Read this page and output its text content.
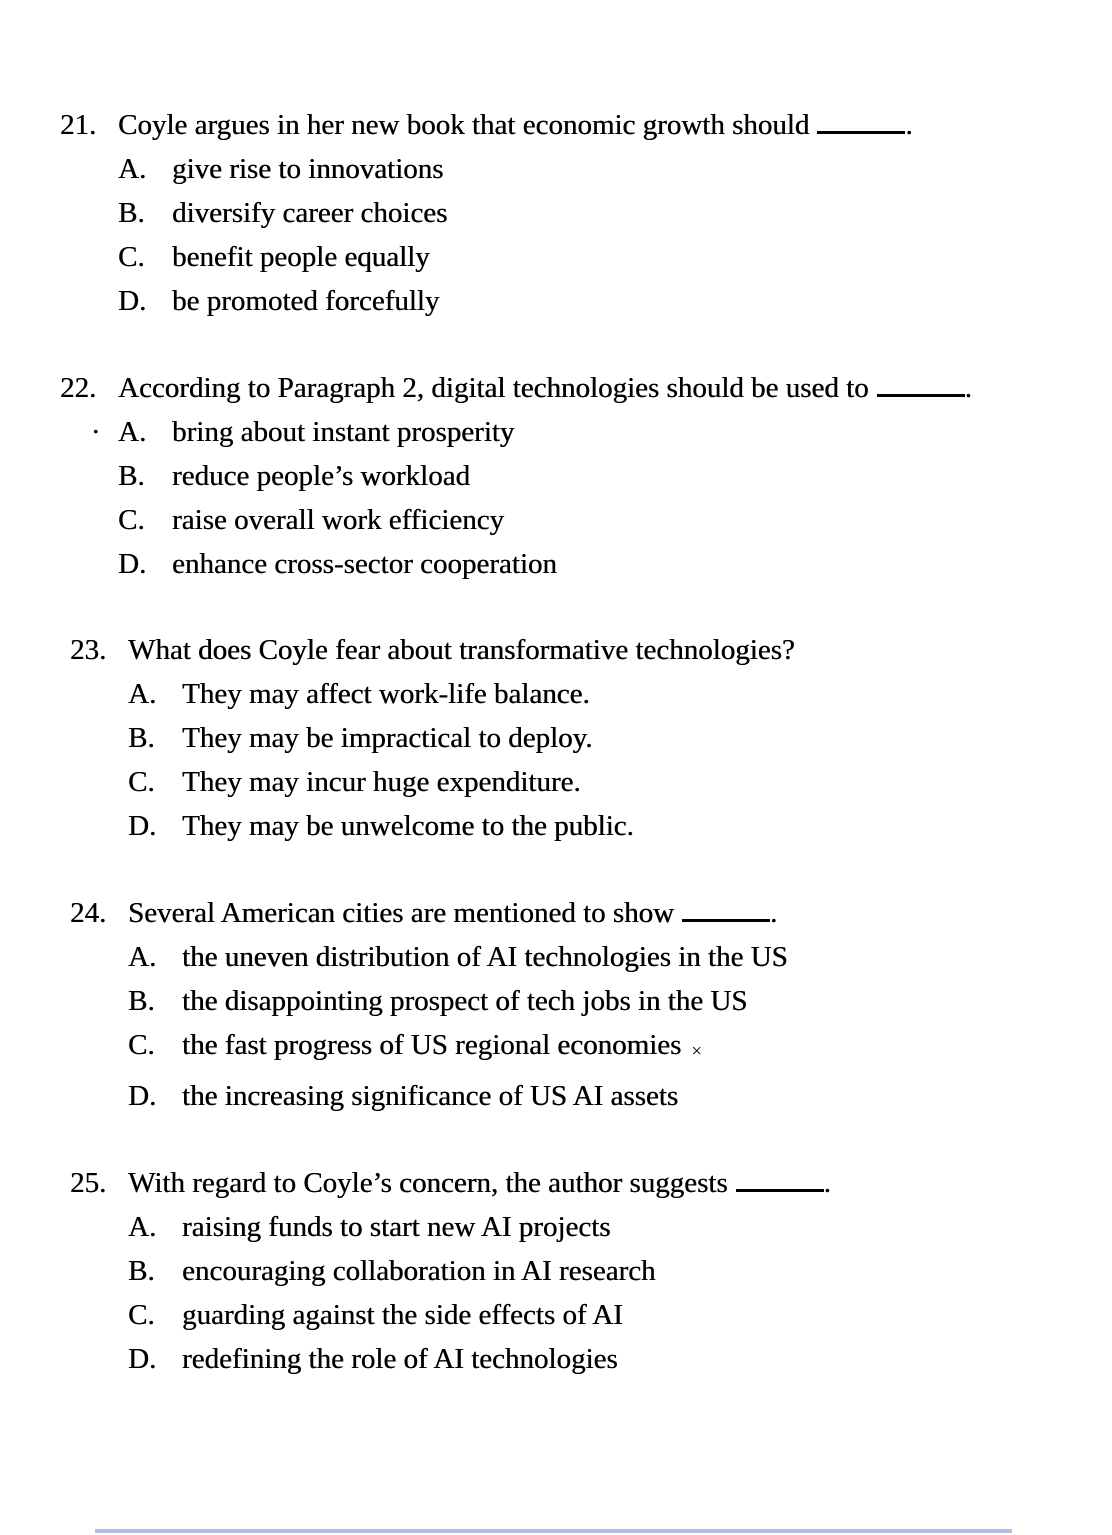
21. Coyle argues in her new book that economic growth should	.
A. give rise to innovations
B. diversify career choices
C. benefit people equally
D. be promoted forcefully
22. According to Paragraph 2, digital technologies should be used to	.
. A. bring about instant prosperity
B. reduce people’s workload
C. raise overall work efficiency
D. enhance cross-sector cooperation
23. What does Coyle fear about transformative technologies?
A. They may affect work-life balance.
B. They may be impractical to deploy.
C. They may incur huge expenditure.
D. They may be unwelcome to the public.
24. Several American cities are mentioned to show	.
A. the uneven distribution of AI technologies in the US
B. the disappointing prospect of tech jobs in the US
C. the fast progress of US regional economies ×
D. the increasing significance of US AI assets
25. With regard to Coyle’s concern, the author suggests	.
A. raising funds to start new AI projects
B. encouraging collaboration in AI research
C. guarding against the side effects of AI
D. redefining the role of AI technologies
